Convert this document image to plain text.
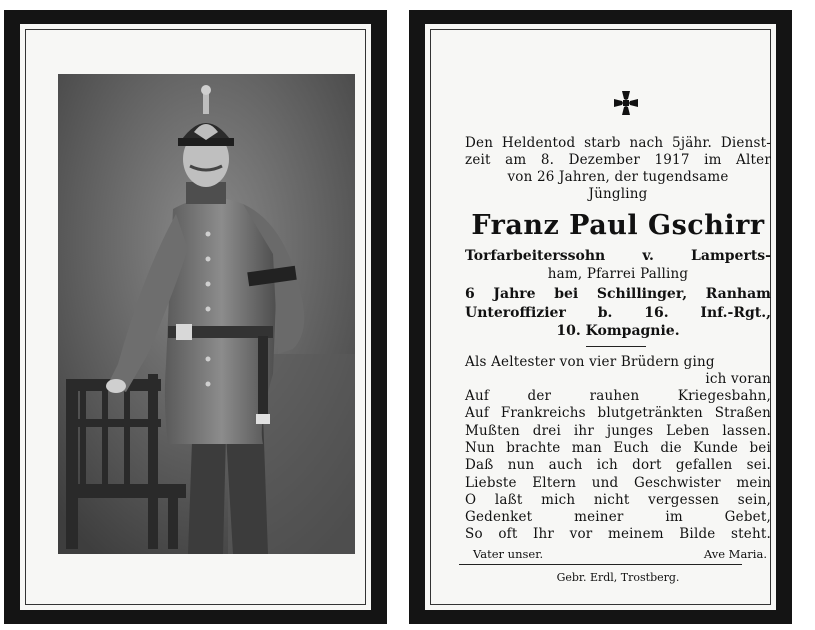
Den Heldentod starb nach 5jähr. Dienst-
zeit am 8. Dezember 1917 im Alter
von 26 Jahren, der tugendsame
Jüngling
Franz Paul Gschirr
Torfarbeiterssohn v. Lamperts-
ham, Pfarrei Palling
6 Jahre bei Schillinger, Ranham
Unteroffizier b. 16. Inf.-Rgt.,
10. Kompagnie.
Als Aeltester von vier Brüdern ging
ich voran
Auf der rauhen Kriegesbahn,
Auf Frankreichs blutgetränkten Straßen
Mußten drei ihr junges Leben lassen.
Nun brachte man Euch die Kunde bei
Daß nun auch ich dort gefallen sei.
Liebste Eltern und Geschwister mein
O laßt mich nicht vergessen sein,
Gedenket meiner im Gebet,
So oft Ihr vor meinem Bilde steht.
Vater unser.	Ave Maria.
Gebr. Erdl, Trostberg.
